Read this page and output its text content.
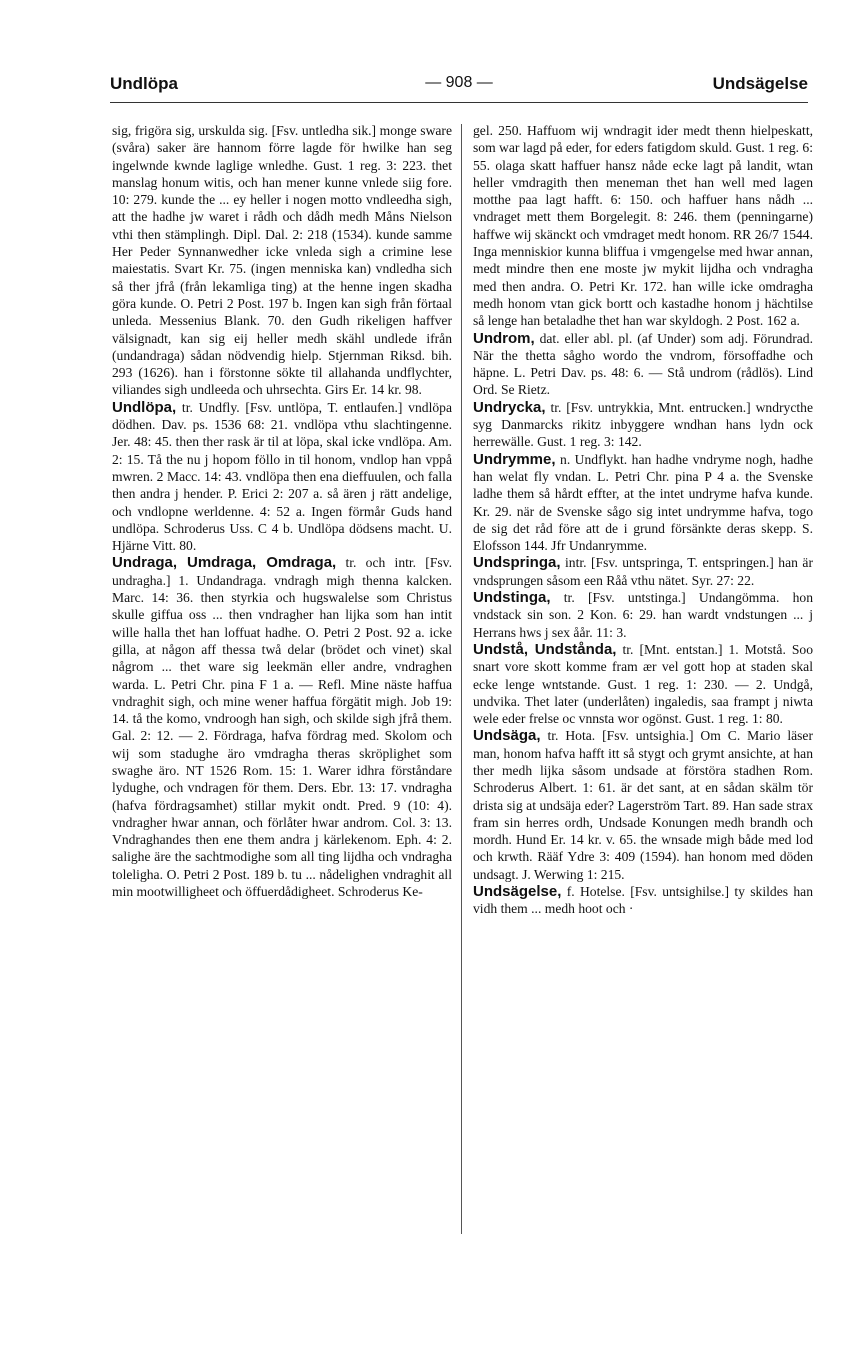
Undlöpa	— 908 —	Undsägelse

sig, frigöra sig, urskulda sig. [Fsv. untledha sik.] monge sware (svåra) saker äre hannom förre lagde för hwilke han seg ingelwnde kwnde laglige wnledhe. Gust. 1 reg. 3: 223. thet manslag honum witis, och han mener kunne vnlede siig fore. 10: 279. kunde the ... ey heller i nogen motto vndleedha sigh, att the hadhe jw waret i rådh och dådh medh Måns Nielson vthi then stämplingh. Dipl. Dal. 2: 218 (1534). kunde samme Her Peder Synnanwedher icke vnleda sigh a crimine lese maiestatis. Svart Kr. 75. (ingen menniska kan) vndledha sich så ther jfrå (från lekamliga ting) at the henne ingen skadha göra kunde. O. Petri 2 Post. 197 b. Ingen kan sigh från förtaal unleda. Messenius Blank. 70. den Gudh rikeligen haffver välsignadt, kan sig eij heller medh skähl undlede ifrån (undandraga) sådan nödvendig hielp. Stjernman Riksd. bih. 293 (1626). han i förstonne sökte til allahanda undflychter, viliandes sigh undleeda och uhrsechta. Girs Er. 14 kr. 98.

Undlöpa, tr. Undfly. [Fsv. untlöpa, T. entlaufen.] vndlöpa dödhen. Dav. ps. 1536 68: 21. vndlöpa vthu slachtingenne. Jer. 48: 45. then ther rask är til at löpa, skal icke vndlöpa. Am. 2: 15. Tå the nu j hopom föllo in til honom, vndlop han vppå mwren. 2 Macc. 14: 43. vndlöpa then ena dieffuulen, och falla then andra j hender. P. Erici 2: 207 a. så ären j rätt andelige, och vndlopne werldenne. 4: 52 a. Ingen förmår Guds hand undlöpa. Schroderus Uss. C 4 b. Undlöpa dödsens macht. U. Hjärne Vitt. 80.

Undraga, Umdraga, Omdraga, tr. och intr. [Fsv. undragha.] 1. Undandraga. vndragh migh thenna kalcken. Marc. 14: 36. then styrkia och hugswalelse som Christus skulle giffua oss ... then vndragher han lijka som han intit wille halla thet han loffuat hadhe. O. Petri 2 Post. 92 a. icke gilla, at någon aff thessa twå delar (brödet och vinet) skal någrom ... thet ware sig leekmän eller andre, vndraghen warda. L. Petri Chr. pina F 1 a. — Refl. Mine näste haffua vndraghit sigh, och mine wener haffua förgätit migh. Job 19: 14. tå the komo, vndroogh han sigh, och skilde sigh jfrå them. Gal. 2: 12. — 2. Fördraga, hafva fördrag med. Skolom och wij som stadughe äro vmdragha theras skröplighet som swaghe äro. NT 1526 Rom. 15: 1. Warer idhra förståndare lydughe, och vndragen för them. Ders. Ebr. 13: 17. vndragha (hafva fördragsamhet) stillar mykit ondt. Pred. 9 (10: 4). vndragher hwar annan, och förlåter hwar androm. Col. 3: 13. Vndraghandes then ene them andra j kärlekenom. Eph. 4: 2. salighe äre the sachtmodighe som all ting lijdha och vndragha toleligha. O. Petri 2 Post. 189 b. tu ... nådelighen vndraghit all min mootwilligheet och öffuerdådigheet. Schroderus Ke-

gel. 250. Haffuom wij wndragit ider medt thenn hielpeskatt, som war lagd på eder, for eders fatigdom skuld. Gust. 1 reg. 6: 55. olaga skatt haffuer hansz nåde ecke lagt på landit, wtan heller vmdragith then meneman thet han well med lagen motthe paa lagt hafft. 6: 150. och haffuer hans nådh ... vndraget mett them Borgelegit. 8: 246. them (penningarne) haffwe wij skänckt och vmdraget medt honom. RR 26/7 1544. Inga menniskior kunna bliffua i vmgengelse med hwar annan, medt mindre then ene moste jw mykit lijdha och vndragha med then andra. O. Petri Kr. 172. han wille icke omdragha medh honom vtan gick bortt och kastadhe honom j hächtilse så lenge han betaladhe thet han war skyldogh. 2 Post. 162 a.

Undrom, dat. eller abl. pl. (af Under) som adj. Förundrad. När the thetta sågho wordo the vndrom, försoffadhe och häpne. L. Petri Dav. ps. 48: 6. — Stå undrom (rådlös). Lind Ord. Se Rietz.

Undrycka, tr. [Fsv. untrykkia, Mnt. entrucken.] wndrycthe syg Danmarcks rikitz inbyggere wndhan hans lydn ock herrewälle. Gust. 1 reg. 3: 142.

Undrymme, n. Undflykt. han hadhe vndryme nogh, hadhe han welat fly vndan. L. Petri Chr. pina P 4 a. the Svenske ladhe them så hårdt effter, at the intet undryme hafva kunde. Kr. 29. när de Svenske sågo sig intet undrymme hafva, togo de sig det råd före att de i grund försänkte deras skepp. S. Elofsson 144. Jfr Undanrymme.

Undspringa, intr. [Fsv. untspringa, T. entspringen.] han är vndsprungen såsom een Råå vthu nätet. Syr. 27: 22.

Undstinga, tr. [Fsv. untstinga.] Undangömma. hon vndstack sin son. 2 Kon. 6: 29. han wardt vndstungen ... j Herrans hws j sex åår. 11: 3.

Undstå, Undstånda, tr. [Mnt. entstan.] 1. Motstå. Soo snart vore skott komme fram ær vel gott hop at staden skal ecke lenge wntstande. Gust. 1 reg. 1: 230. — 2. Undgå, undvika. Thet later (underlåten) ingaledis, saa frampt j niwta wele eder frelse oc vnnsta wor ogönst. Gust. 1 reg. 1: 80.

Undsäga, tr. Hota. [Fsv. untsighia.] Om C. Mario läser man, honom hafva hafft itt så stygt och grymt ansichte, at han ther medh lijka såsom undsade at förstöra stadhen Rom. Schroderus Albert. 1: 61. är det sant, at en sådan skälm tör drista sig at undsäja eder? Lagerström Tart. 89. Han sade strax fram sin herres ordh, Undsade Konungen medh brandh och mordh. Hund Er. 14 kr. v. 65. the wnsade migh både med lod och krwth. Rääf Ydre 3: 409 (1594). han honom med döden undsagt. J. Werwing 1: 215.

Undsägelse, f. Hotelse. [Fsv. untsighilse.] ty skildes han vidh them ... medh hoot och ·
